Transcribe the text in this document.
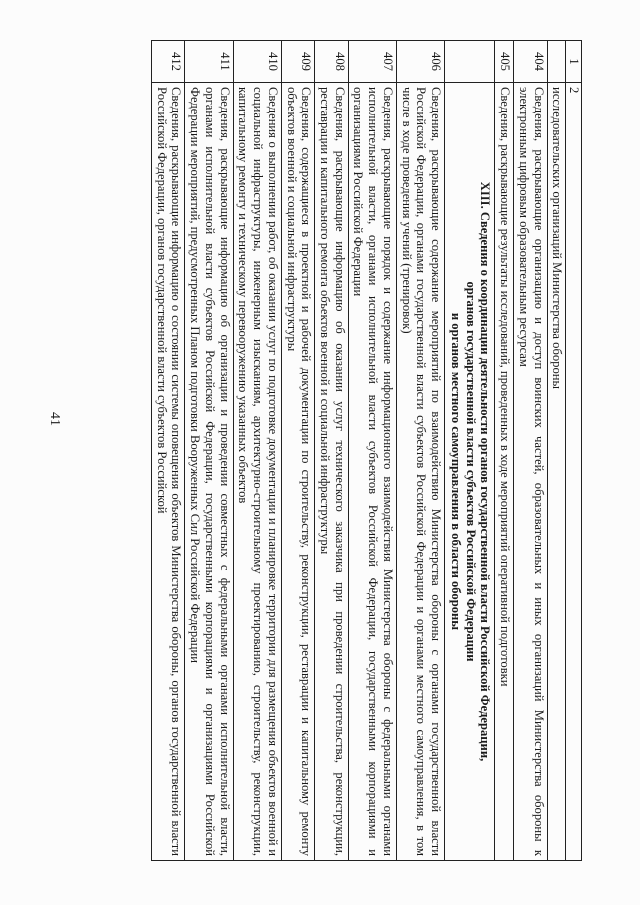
41
1	2

	исследовательских организаций Министерства обороны

404	Сведения, раскрывающие организацию и доступ воинских частей, образовательных и иных организаций Министерства обороны к электронным цифровым образовательным ресурсам

405	Сведения, раскрывающие результаты исследований, проведенных в ходе мероприятий оперативной подготовки

	XIII. Сведения о координации деятельности органов государственной власти Российской Федерации,
органов государственной власти субъектов Российской Федерации
и органов местного самоуправления в области обороны

406	Сведения, раскрывающие содержание мероприятий по взаимодействию Министерства обороны с органами государственной власти Российской Федерации, органами государственной власти субъектов Российской Федерации и органами местного самоуправления, в том числе в ходе проведения учений (тренировок)

407	Сведения, раскрывающие порядок и содержание информационного взаимодействия Министерства обороны с федеральными органами исполнительной власти, органами исполнительной власти субъектов Российской Федерации, государственными корпорациями и организациями Российской Федерации

408	Сведения, раскрывающие информацию об оказании услуг технического заказчика при проведении строительства, реконструкции, реставрации и капитального ремонта объектов военной и социальной инфраструктуры

409	Сведения, содержащиеся в проектной и рабочей документации по строительству, реконструкции, реставрации и капитальному ремонту объектов военной и социальной инфраструктуры

410	Сведения о выполнении работ, об оказании услуг по подготовке документации и планировке территории для размещения объектов военной и социальной инфраструктуры, инженерным изысканиям, архитектурно-строительному проектированию, строительству, реконструкции, капитальному ремонту и техническому перевооружению указанных объектов

411	Сведения, раскрывающие информацию об организации и проведении совместных с федеральными органами исполнительной власти, органами исполнительной власти субъектов Российской Федерации, государственными корпорациями и организациями Российской Федерации мероприятий, предусмотренных Планом подготовки Вооруженных Сил Российской Федерации

412	Сведения, раскрывающие информацию о состоянии системы оповещения объектов Министерства обороны, органов государственной власти Российской Федерации, органов государственной власти субъектов Российской
